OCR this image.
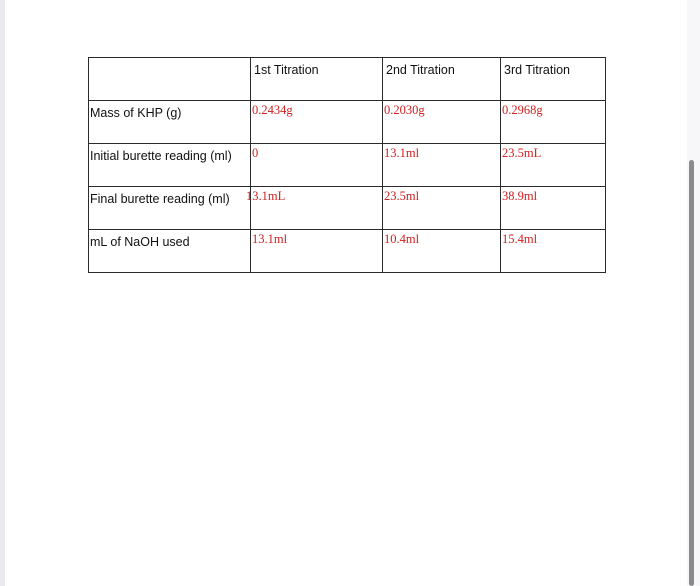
	1st Titration	2nd Titration	3rd Titration

Mass of KHP (g)	0.2434g	0.2030g	0.2968g

Initial burette reading (ml)	0	13.1ml	23.5mL

Final burette reading (ml)	13.1mL	23.5ml	38.9ml

mL of NaOH used	13.1ml	10.4ml	15.4ml
